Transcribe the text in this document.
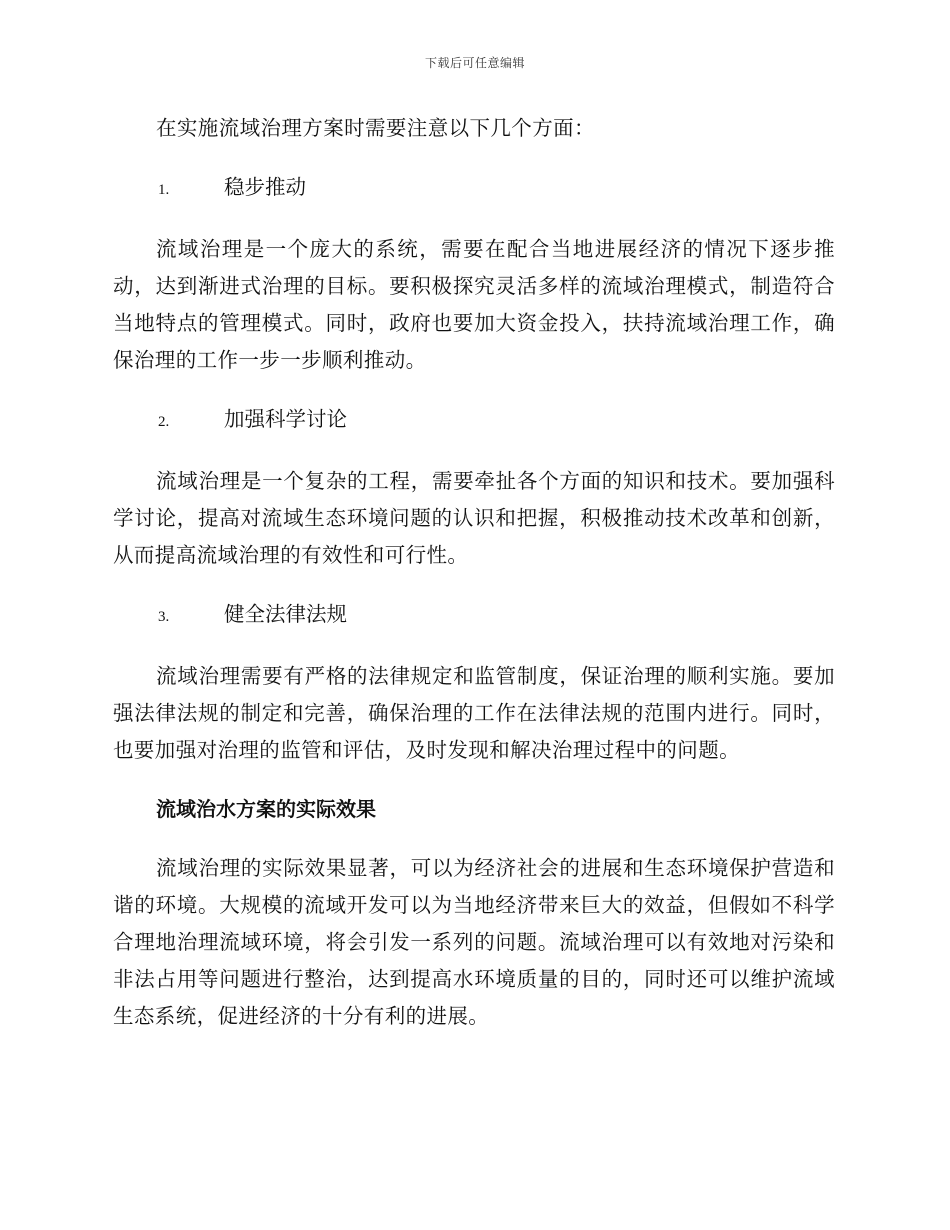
下载后可任意编辑

在实施流域治理方案时需要注意以下几个方面：

1.	稳步推动

流域治理是一个庞大的系统，需要在配合当地进展经济的情况下逐步推动，达到渐进式治理的目标。要积极探究灵活多样的流域治理模式，制造符合当地特点的管理模式。同时，政府也要加大资金投入，扶持流域治理工作，确保治理的工作一步一步顺利推动。

2.	加强科学讨论

流域治理是一个复杂的工程，需要牵扯各个方面的知识和技术。要加强科学讨论，提高对流域生态环境问题的认识和把握，积极推动技术改革和创新，从而提高流域治理的有效性和可行性。

3.	健全法律法规

流域治理需要有严格的法律规定和监管制度，保证治理的顺利实施。要加强法律法规的制定和完善，确保治理的工作在法律法规的范围内进行。同时，也要加强对治理的监管和评估，及时发现和解决治理过程中的问题。

流域治水方案的实际效果

流域治理的实际效果显著，可以为经济社会的进展和生态环境保护营造和谐的环境。大规模的流域开发可以为当地经济带来巨大的效益，但假如不科学合理地治理流域环境，将会引发一系列的问题。流域治理可以有效地对污染和非法占用等问题进行整治，达到提高水环境质量的目的，同时还可以维护流域生态系统，促进经济的十分有利的进展。
